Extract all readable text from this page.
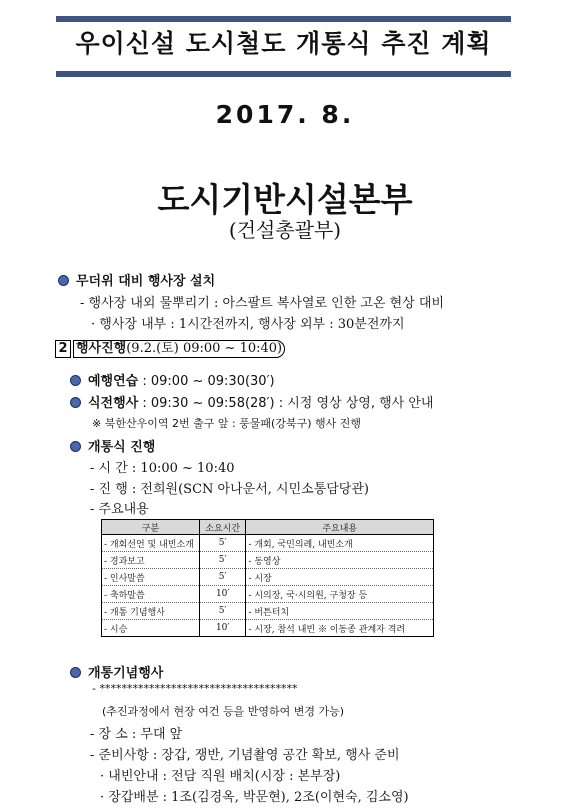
우이신설 도시철도 개통식 추진 계획
2017. 8.
도시기반시설본부
(건설총괄부)
무더위 대비 행사장 설치
- 행사장 내외 물뿌리기 : 아스팔트 복사열로 인한 고온 현상 대비
· 행사장 내부 : 1시간전까지, 행사장 외부 : 30분전까지
2 행사진행(9.2.(토) 09:00 ~ 10:40)
예행연습 : 09:00 ~ 09:30(30′)
식전행사 : 09:30 ~ 09:58(28′) : 시정 영상 상영, 행사 안내
※ 북한산우이역 2번 출구 앞 : 풍물패(강북구) 행사 진행
개통식 진행
- 시 간 : 10:00 ~ 10:40
- 진 행 : 전희원(SCN 아나운서, 시민소통담당관)
- 주요내용
구분	소요시간	주요내용
- 개회선언 및 내빈소개	5′	- 개회, 국민의례, 내빈소개
- 경과보고	5′	- 동영상
- 인사말씀	5′	- 시장
- 축하말씀	10′	- 시의장, 국·시의원, 구청장 등
- 개통 기념행사	5′	- 버튼터치
- 시승	10′	- 시장, 참석 내빈 ※ 이동종 관계자 격려
개통기념행사
- ************************************
(추진과정에서 현장 여건 등을 반영하여 변경 가능)
- 장 소 : 무대 앞
- 준비사항 : 장갑, 쟁반, 기념촬영 공간 확보, 행사 준비
· 내빈안내 : 전담 직원 배치(시장 : 본부장)
· 장갑배분 : 1조(김경옥, 박문현), 2조(이현숙, 김소영)
